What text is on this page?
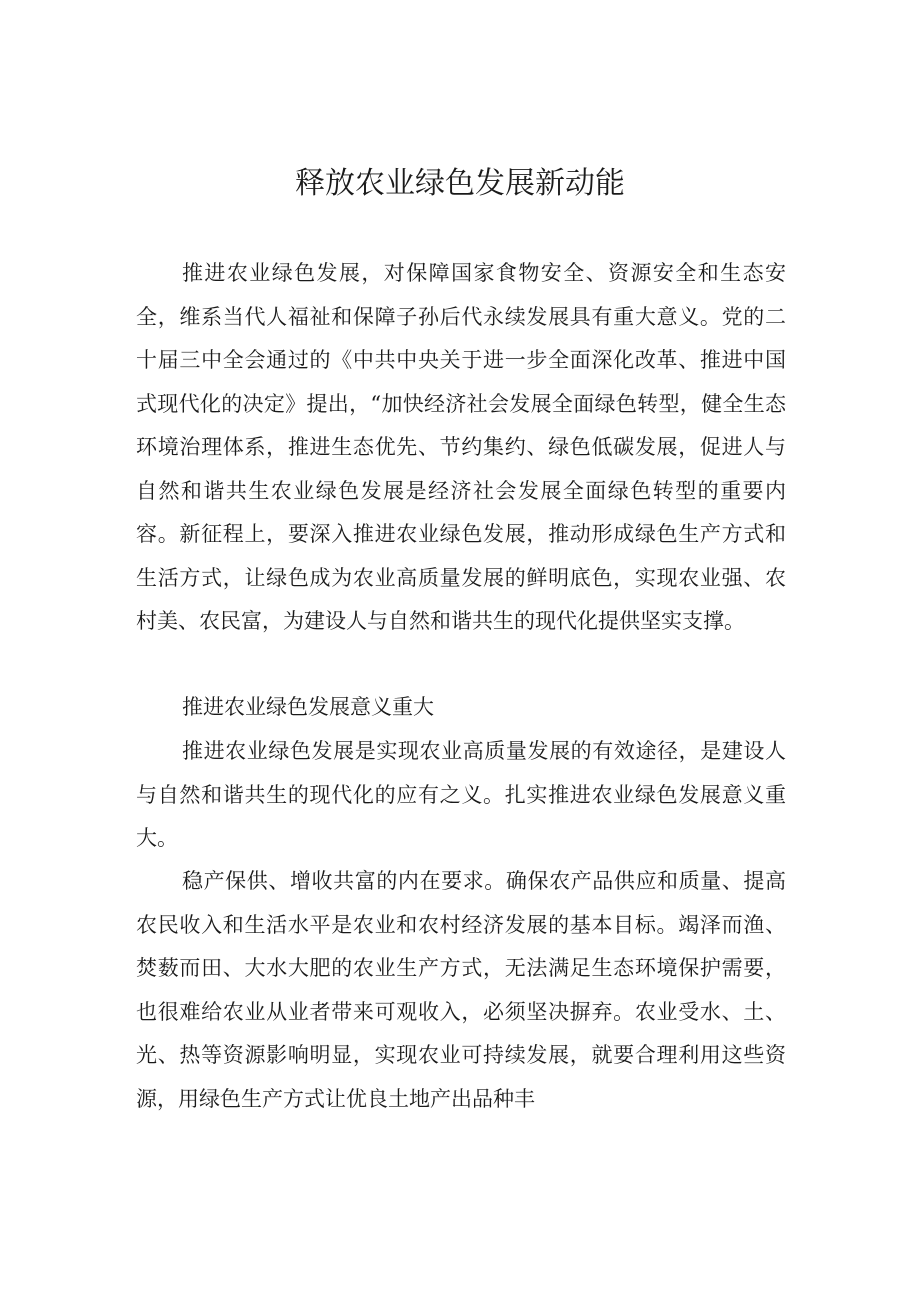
释放农业绿色发展新动能

推进农业绿色发展，对保障国家食物安全、资源安全和生态安全，维系当代人福祉和保障子孙后代永续发展具有重大意义。党的二十届三中全会通过的《中共中央关于进一步全面深化改革、推进中国式现代化的决定》提出，“加快经济社会发展全面绿色转型，健全生态环境治理体系，推进生态优先、节约集约、绿色低碳发展，促进人与自然和谐共生农业绿色发展是经济社会发展全面绿色转型的重要内容。新征程上，要深入推进农业绿色发展，推动形成绿色生产方式和生活方式，让绿色成为农业高质量发展的鲜明底色，实现农业强、农村美、农民富，为建设人与自然和谐共生的现代化提供坚实支撑。

推进农业绿色发展意义重大

推进农业绿色发展是实现农业高质量发展的有效途径，是建设人与自然和谐共生的现代化的应有之义。扎实推进农业绿色发展意义重大。

稳产保供、增收共富的内在要求。确保农产品供应和质量、提高农民收入和生活水平是农业和农村经济发展的基本目标。竭泽而渔、焚薮而田、大水大肥的农业生产方式，无法满足生态环境保护需要，也很难给农业从业者带来可观收入，必须坚决摒弃。农业受水、土、光、热等资源影响明显，实现农业可持续发展，就要合理利用这些资源，用绿色生产方式让优良土地产出品种丰
